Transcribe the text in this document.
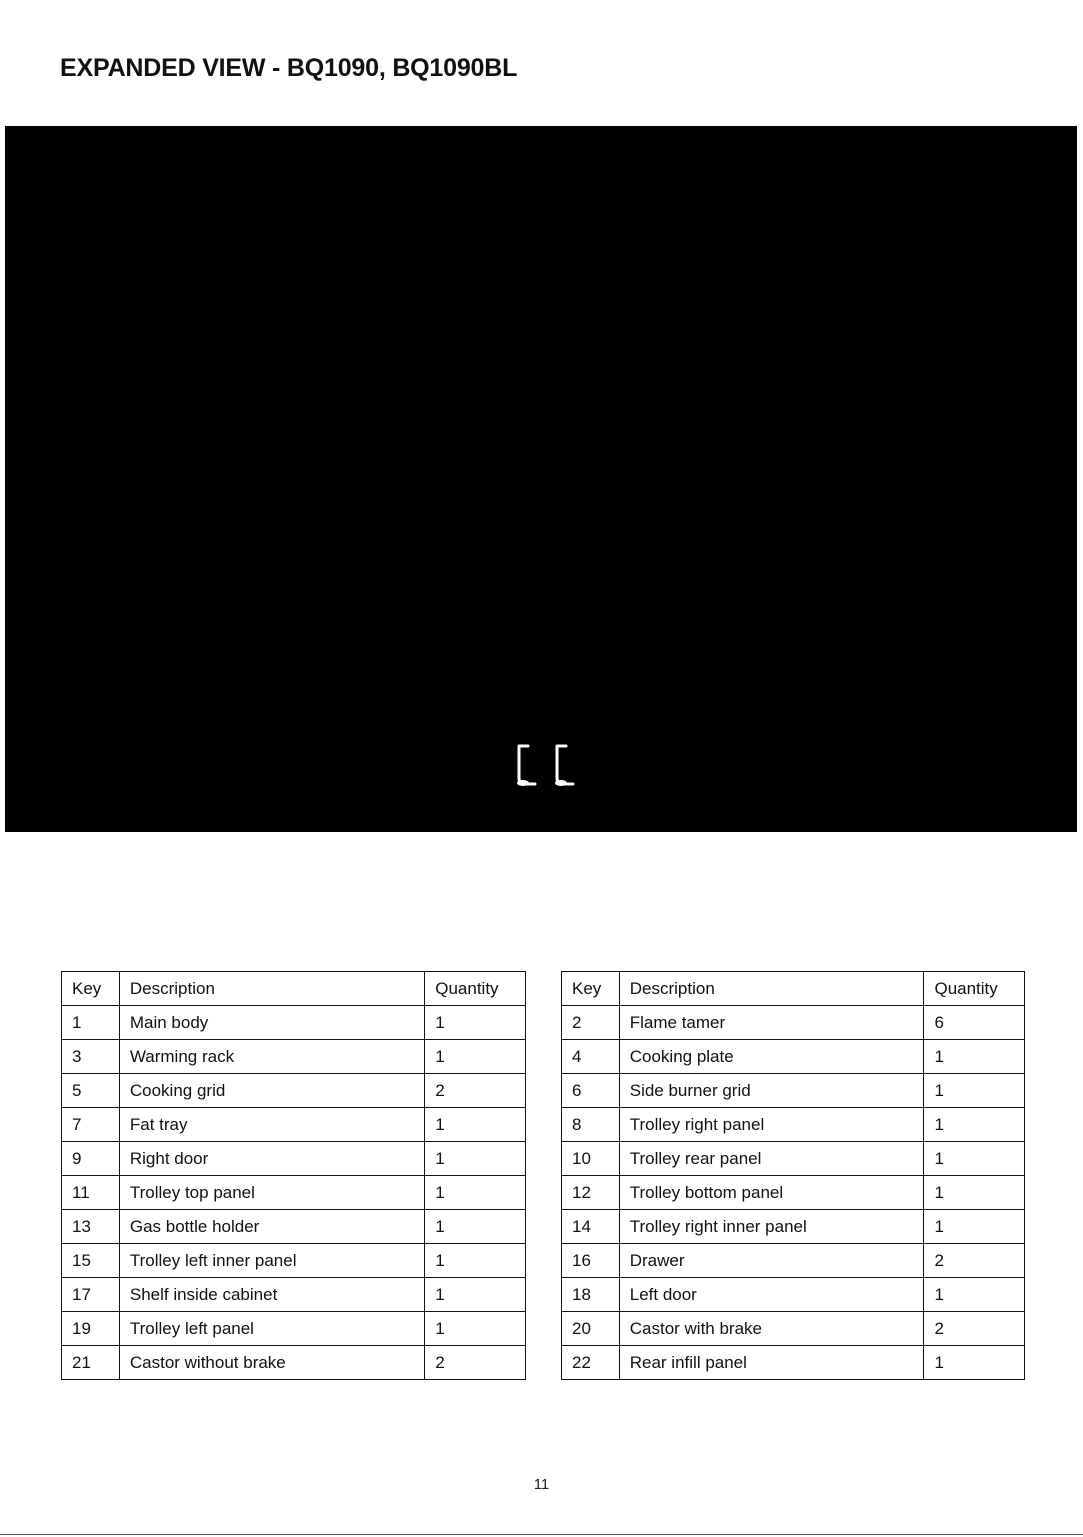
EXPANDED VIEW - BQ1090, BQ1090BL
Key	Description	Quantity
1	Main body	1
3	Warming rack	1
5	Cooking grid	2
7	Fat tray	1
9	Right door	1
11	Trolley top panel	1
13	Gas bottle holder	1
15	Trolley left inner panel	1
17	Shelf inside cabinet	1
19	Trolley left panel	1
21	Castor without brake	2
Key	Description	Quantity
2	Flame tamer	6
4	Cooking plate	1
6	Side burner grid	1
8	Trolley right panel	1
10	Trolley rear panel	1
12	Trolley bottom panel	1
14	Trolley right inner panel	1
16	Drawer	2
18	Left door	1
20	Castor with brake	2
22	Rear infill panel	1
11
